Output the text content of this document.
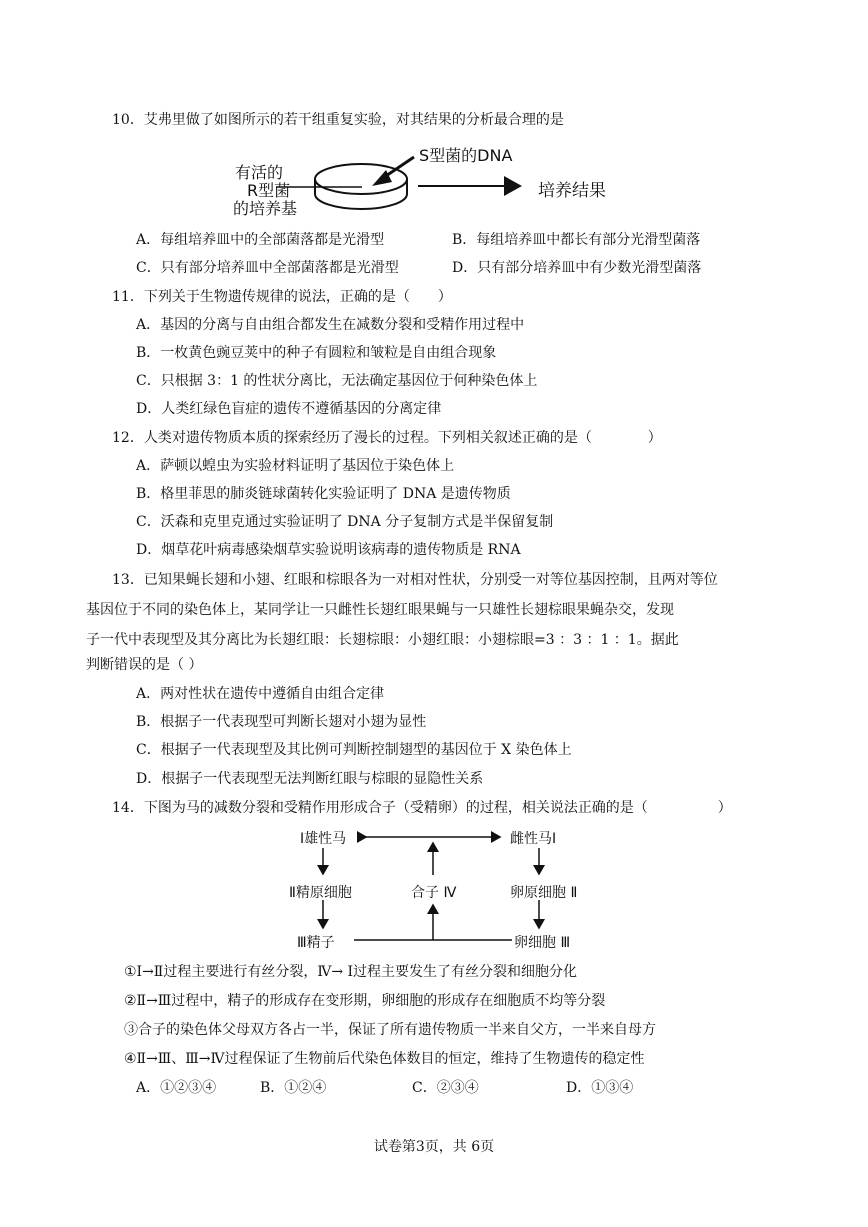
10．艾弗里做了如图所示的若干组重复实验，对其结果的分析最合理的是
有活的
R型菌
的培养基
S型菌的DNA
培养结果
A．每组培养皿中的全部菌落都是光滑型	B．每组培养皿中都长有部分光滑型菌落
C．只有部分培养皿中全部菌落都是光滑型	D．只有部分培养皿中有少数光滑型菌落
11．下列关于生物遗传规律的说法，正确的是（　　）
A．基因的分离与自由组合都发生在减数分裂和受精作用过程中
B．一枚黄色豌豆荚中的种子有圆粒和皱粒是自由组合现象
C．只根据 3：1 的性状分离比，无法确定基因位于何种染色体上
D．人类红绿色盲症的遗传不遵循基因的分离定律
12．人类对遗传物质本质的探索经历了漫长的过程。下列相关叙述正确的是（　　　　）
A．萨顿以蝗虫为实验材料证明了基因位于染色体上
B．格里菲思的肺炎链球菌转化实验证明了 DNA 是遗传物质
C．沃森和克里克通过实验证明了 DNA 分子复制方式是半保留复制
D．烟草花叶病毒感染烟草实验说明该病毒的遗传物质是 RNA
13．已知果蝇长翅和小翅、红眼和棕眼各为一对相对性状，分别受一对等位基因控制，且两对等位
基因位于不同的染色体上，某同学让一只雌性长翅红眼果蝇与一只雄性长翅棕眼果蝇杂交，发现
子一代中表现型及其分离比为长翅红眼：长翅棕眼：小翅红眼：小翅棕眼=3 ：3 ：1 ：1。据此
判断错误的是（ ）
A．两对性状在遗传中遵循自由组合定律
B．根据子一代表现型可判断长翅对小翅为显性
C．根据子一代表现型及其比例可判断控制翅型的基因位于 X 染色体上
D．根据子一代表现型无法判断红眼与棕眼的显隐性关系
14．下图为马的减数分裂和受精作用形成合子（受精卵）的过程，相关说法正确的是（　　　　　）
Ⅰ雄性马	雌性马Ⅰ
Ⅱ精原细胞	合子 Ⅳ	卵原细胞 Ⅱ
Ⅲ精子	卵细胞 Ⅲ
①Ⅰ→Ⅱ过程主要进行有丝分裂，Ⅳ→ Ⅰ过程主要发生了有丝分裂和细胞分化
②Ⅱ→Ⅲ过程中，精子的形成存在变形期，卵细胞的形成存在细胞质不均等分裂
③合子的染色体父母双方各占一半，保证了所有遗传物质一半来自父方，一半来自母方
④Ⅱ→Ⅲ、Ⅲ→Ⅳ过程保证了生物前后代染色体数目的恒定，维持了生物遗传的稳定性
A．①②③④	B．①②④	C．②③④	D．①③④
试卷第3页，共 6页
